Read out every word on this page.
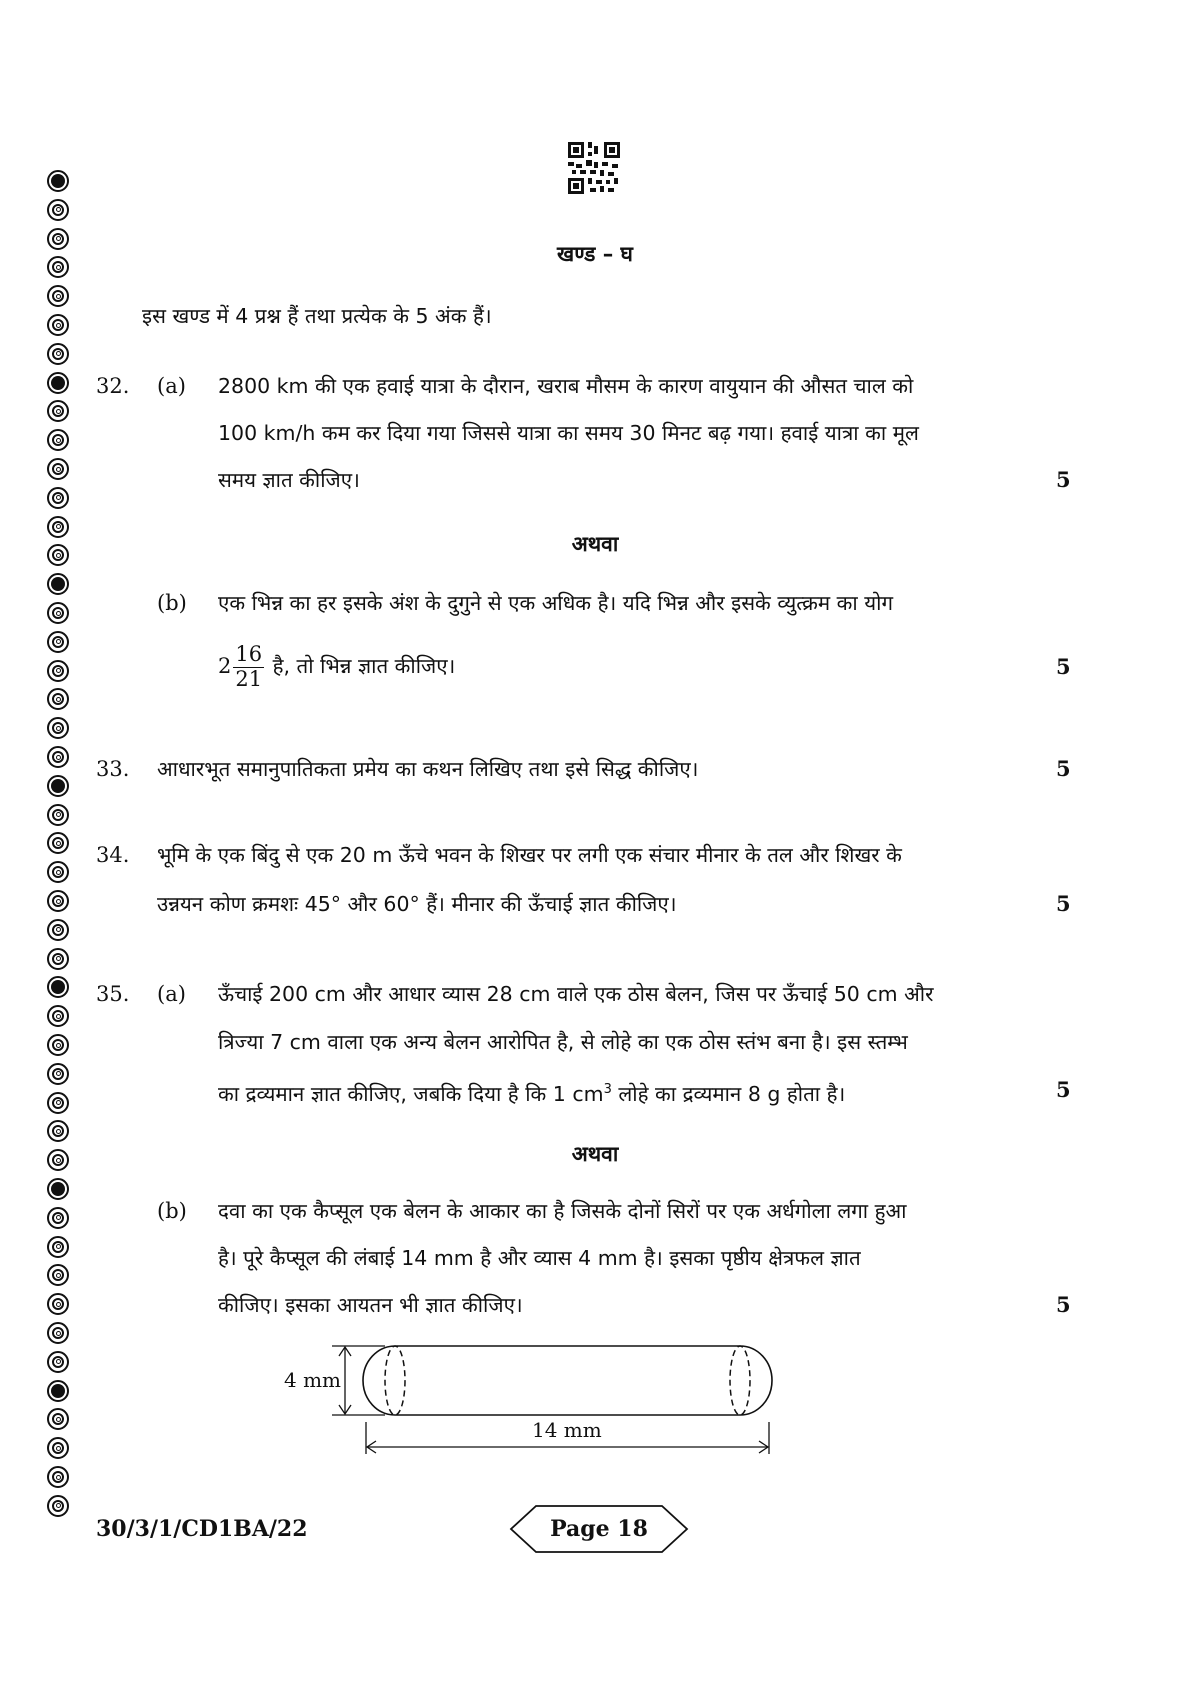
खण्ड – घ
इस खण्ड में 4 प्रश्न हैं तथा प्रत्येक के 5 अंक हैं।
32. (a) 2800 km की एक हवाई यात्रा के दौरान, खराब मौसम के कारण वायुयान की औसत चाल को
100 km/h कम कर दिया गया जिससे यात्रा का समय 30 मिनट बढ़ गया। हवाई यात्रा का मूल
समय ज्ञात कीजिए।	5
अथवा
(b) एक भिन्न का हर इसके अंश के दुगुने से एक अधिक है। यदि भिन्न और इसके व्युत्क्रम का योग
$2 \frac{16}{21}$ है, तो भिन्न ज्ञात कीजिए।	5
33. आधारभूत समानुपातिकता प्रमेय का कथन लिखिए तथा इसे सिद्ध कीजिए।	5
34. भूमि के एक बिंदु से एक 20 m ऊँचे भवन के शिखर पर लगी एक संचार मीनार के तल और शिखर के
उन्नयन कोण क्रमशः 45° और 60° हैं। मीनार की ऊँचाई ज्ञात कीजिए।	5
35. (a) ऊँचाई 200 cm और आधार व्यास 28 cm वाले एक ठोस बेलन, जिस पर ऊँचाई 50 cm और
त्रिज्या 7 cm वाला एक अन्य बेलन आरोपित है, से लोहे का एक ठोस स्तंभ बना है। इस स्तम्भ
का द्रव्यमान ज्ञात कीजिए, जबकि दिया है कि 1 $cm^3$ लोहे का द्रव्यमान 8 g होता है।	5
अथवा
(b) दवा का एक कैप्सूल एक बेलन के आकार का है जिसके दोनों सिरों पर एक अर्धगोला लगा हुआ
है। पूरे कैप्सूल की लंबाई 14 mm है और व्यास 4 mm है। इसका पृष्ठीय क्षेत्रफल ज्ञात
कीजिए। इसका आयतन भी ज्ञात कीजिए।	5
4 mm
14 mm
30/3/1/CD1BA/22	Page 18
